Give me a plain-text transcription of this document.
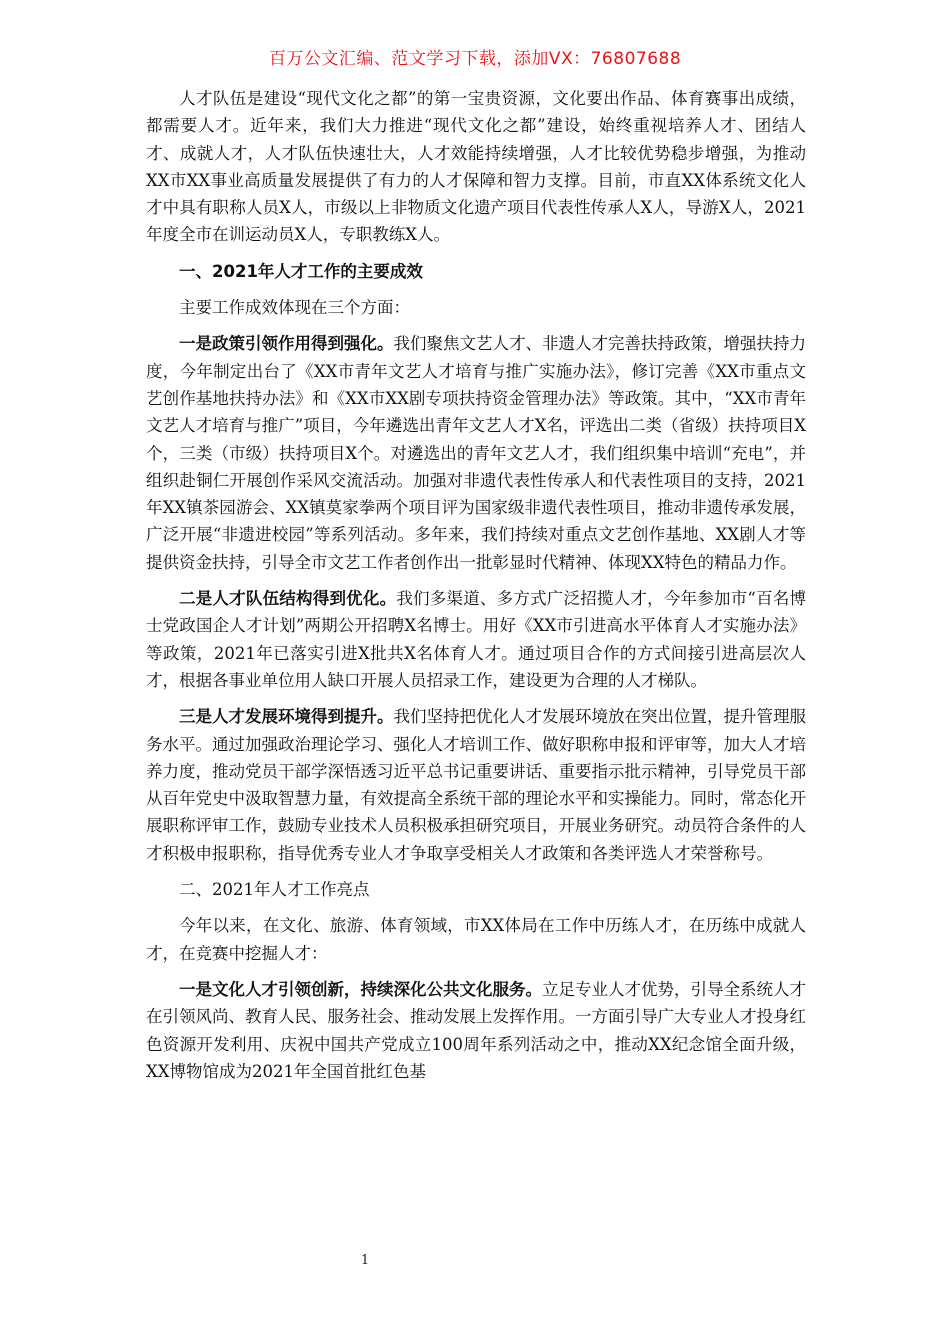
百万公文汇编、范文学习下载，添加VX：76807688

人才队伍是建设“现代文化之都”的第一宝贵资源，文化要出作品、体育赛事出成绩，都需要人才。近年来，我们大力推进“现代文化之都”建设，始终重视培养人才、团结人才、成就人才，人才队伍快速壮大，人才效能持续增强，人才比较优势稳步增强，为推动XX市XX事业高质量发展提供了有力的人才保障和智力支撑。目前，市直XX体系统文化人才中具有职称人员X人，市级以上非物质文化遗产项目代表性传承人X人，导游X人，2021年度全市在训运动员X人，专职教练X人。

一、2021年人才工作的主要成效

主要工作成效体现在三个方面：

一是政策引领作用得到强化。我们聚焦文艺人才、非遗人才完善扶持政策，增强扶持力度，今年制定出台了《XX市青年文艺人才培育与推广实施办法》，修订完善《XX市重点文艺创作基地扶持办法》和《XX市XX剧专项扶持资金管理办法》等政策。其中，“XX市青年文艺人才培育与推广”项目，今年遴选出青年文艺人才X名，评选出二类（省级）扶持项目X个，三类（市级）扶持项目X个。对遴选出的青年文艺人才，我们组织集中培训“充电”，并组织赴铜仁开展创作采风交流活动。加强对非遗代表性传承人和代表性项目的支持，2021年XX镇茶园游会、XX镇莫家拳两个项目评为国家级非遗代表性项目，推动非遗传承发展，广泛开展“非遗进校园”等系列活动。多年来，我们持续对重点文艺创作基地、XX剧人才等提供资金扶持，引导全市文艺工作者创作出一批彰显时代精神、体现XX特色的精品力作。

二是人才队伍结构得到优化。我们多渠道、多方式广泛招揽人才，今年参加市“百名博士党政国企人才计划”两期公开招聘X名博士。用好《XX市引进高水平体育人才实施办法》等政策，2021年已落实引进X批共X名体育人才。通过项目合作的方式间接引进高层次人才，根据各事业单位用人缺口开展人员招录工作，建设更为合理的人才梯队。

三是人才发展环境得到提升。我们坚持把优化人才发展环境放在突出位置，提升管理服务水平。通过加强政治理论学习、强化人才培训工作、做好职称申报和评审等，加大人才培养力度，推动党员干部学深悟透习近平总书记重要讲话、重要指示批示精神，引导党员干部从百年党史中汲取智慧力量，有效提高全系统干部的理论水平和实操能力。同时，常态化开展职称评审工作，鼓励专业技术人员积极承担研究项目，开展业务研究。动员符合条件的人才积极申报职称，指导优秀专业人才争取享受相关人才政策和各类评选人才荣誉称号。

二、2021年人才工作亮点

今年以来，在文化、旅游、体育领域，市XX体局在工作中历练人才，在历练中成就人才，在竞赛中挖掘人才：

一是文化人才引领创新，持续深化公共文化服务。立足专业人才优势，引导全系统人才在引领风尚、教育人民、服务社会、推动发展上发挥作用。一方面引导广大专业人才投身红色资源开发利用、庆祝中国共产党成立100周年系列活动之中，推动XX纪念馆全面升级，XX博物馆成为2021年全国首批红色基

1
